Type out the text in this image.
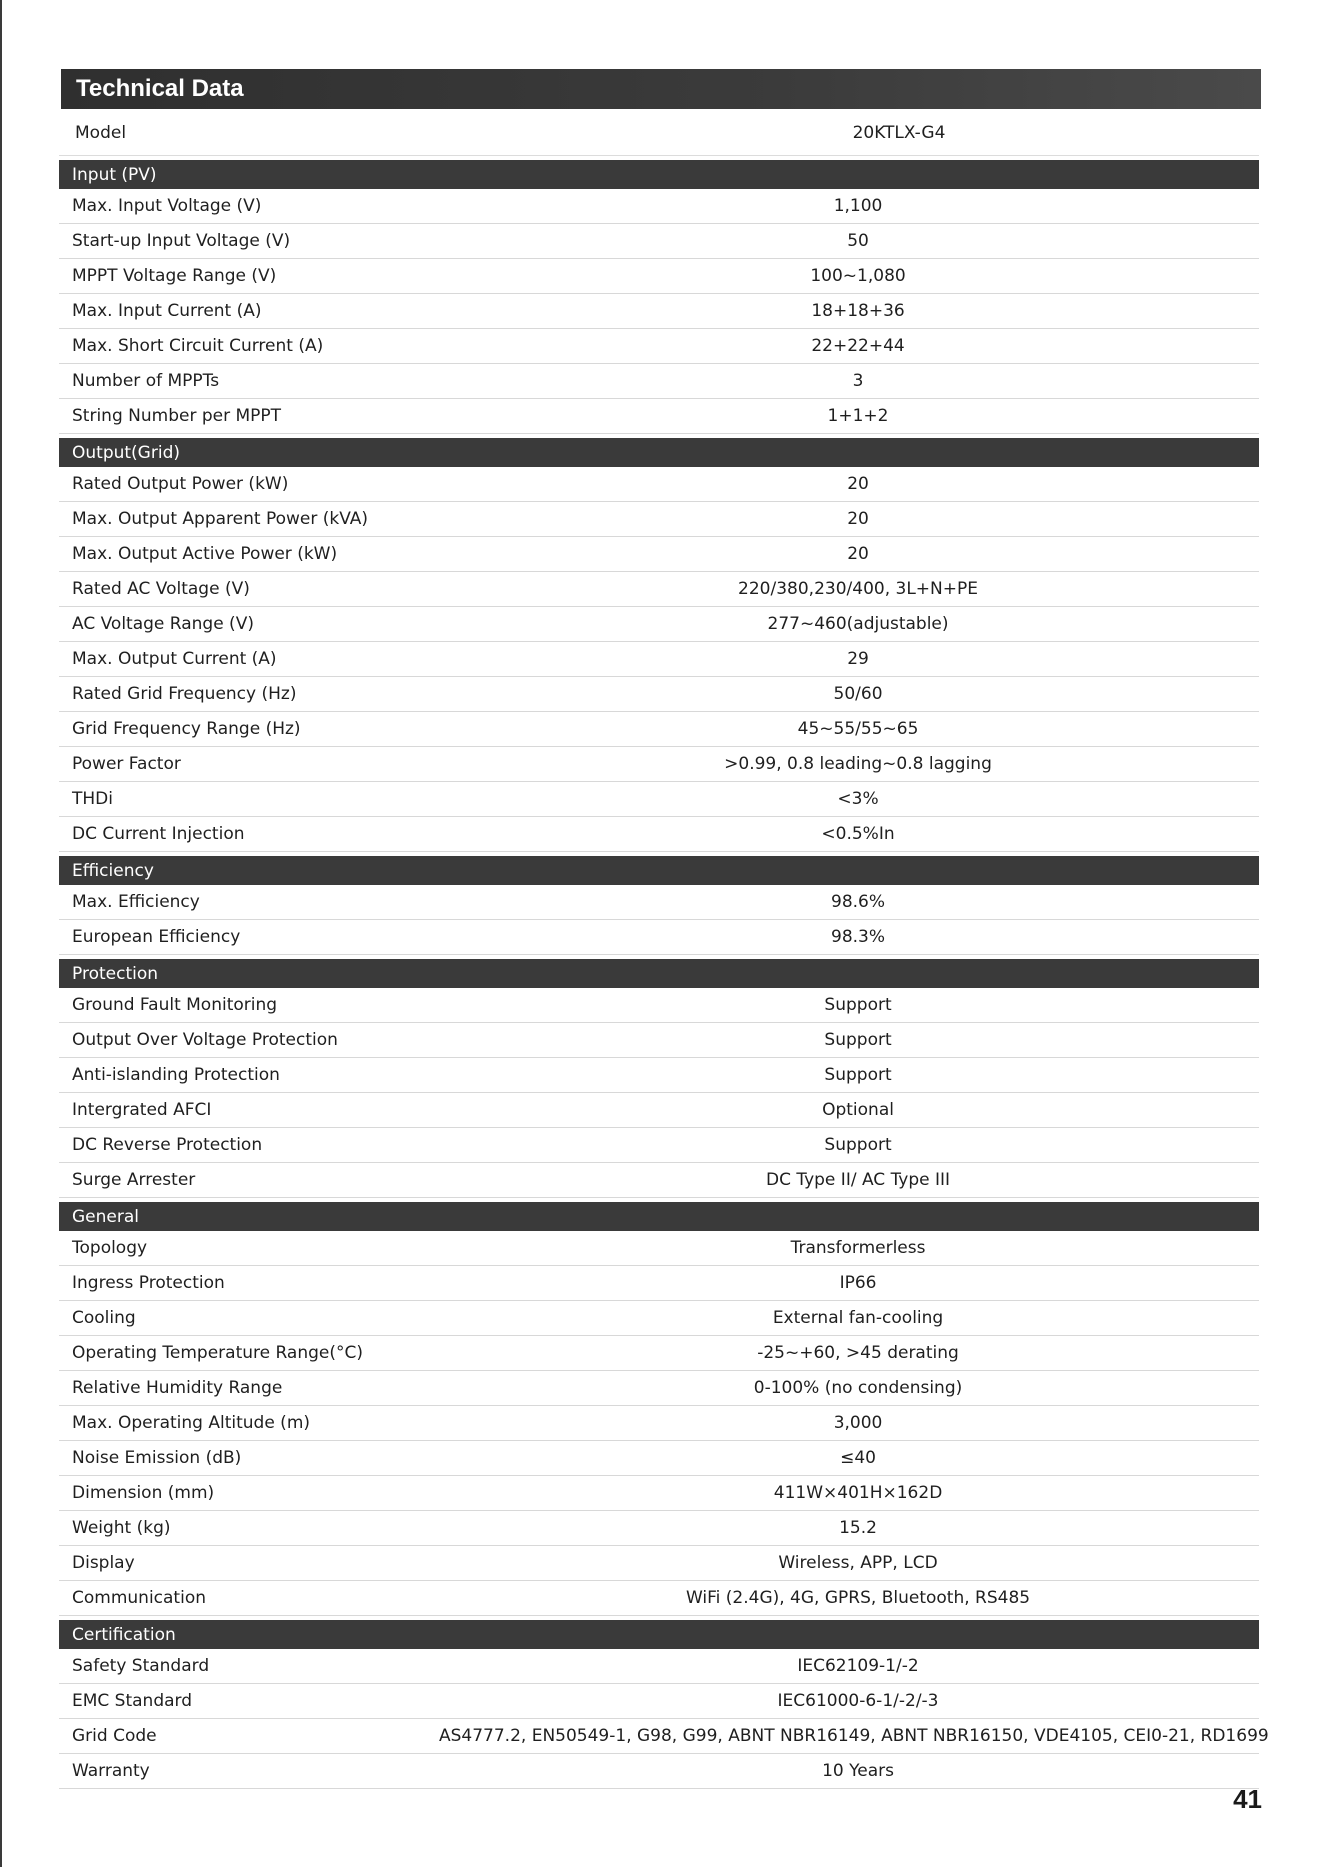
Technical Data
Model	20KTLX-G4
Input (PV)
Max. Input Voltage (V)	1,100
Start-up Input Voltage (V)	50
MPPT Voltage Range (V)	100~1,080
Max. Input Current (A)	18+18+36
Max. Short Circuit Current (A)	22+22+44
Number of MPPTs	3
String Number per MPPT	1+1+2
Output(Grid)
Rated Output Power (kW)	20
Max. Output Apparent Power (kVA)	20
Max. Output Active Power (kW)	20
Rated AC Voltage (V)	220/380,230/400, 3L+N+PE
AC Voltage Range (V)	277~460(adjustable)
Max. Output Current (A)	29
Rated Grid Frequency (Hz)	50/60
Grid Frequency Range (Hz)	45~55/55~65
Power Factor	>0.99, 0.8 leading~0.8 lagging
THDi	<3%
DC Current Injection	<0.5%In
Efficiency
Max. Efficiency	98.6%
European Efficiency	98.3%
Protection
Ground Fault Monitoring	Support
Output Over Voltage Protection	Support
Anti-islanding Protection	Support
Intergrated AFCI	Optional
DC Reverse Protection	Support
Surge Arrester	DC Type II/ AC Type III
General
Topology	Transformerless
Ingress Protection	IP66
Cooling	External fan-cooling
Operating Temperature Range(°C)	-25~+60, >45 derating
Relative Humidity Range	0-100% (no condensing)
Max. Operating Altitude (m)	3,000
Noise Emission (dB)	≤40
Dimension (mm)	411W×401H×162D
Weight (kg)	15.2
Display	Wireless, APP, LCD
Communication	WiFi (2.4G), 4G, GPRS, Bluetooth, RS485
Certification
Safety Standard	IEC62109-1/-2
EMC Standard	IEC61000-6-1/-2/-3
Grid Code	AS4777.2, EN50549-1, G98, G99, ABNT NBR16149, ABNT NBR16150, VDE4105, CEI0-21, RD1699
Warranty	10 Years
41
